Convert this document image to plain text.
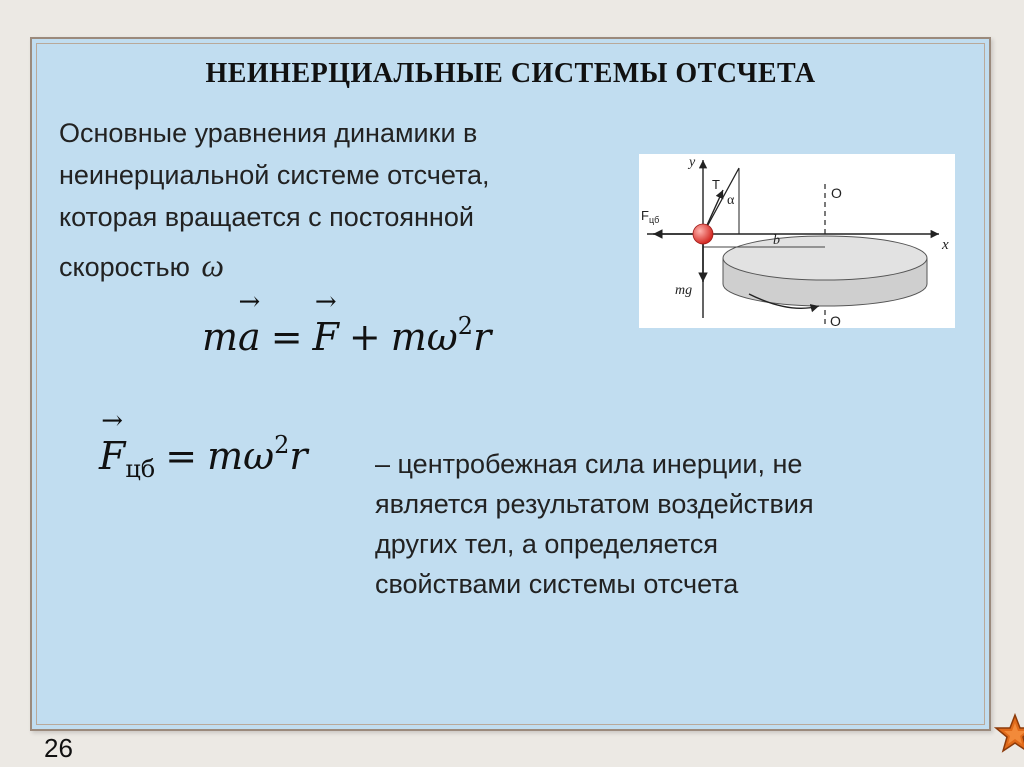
НЕИНЕРЦИАЛЬНЫЕ СИСТЕМЫ ОТСЧЕТА
Основные уравнения динамики в
неинерциальной системе отсчета,
которая вращается с постоянной
скоростью ω
$m\to a =\to F + m\omega^2r$
→ $F_{цб} = m\omega^2r$ – центробежная сила инерции, не
является результатом воздействия
других тел, а определяется
свойствами системы отсчета
y
x
T
α	O
O
b
$F_{цб}$
mg
26
